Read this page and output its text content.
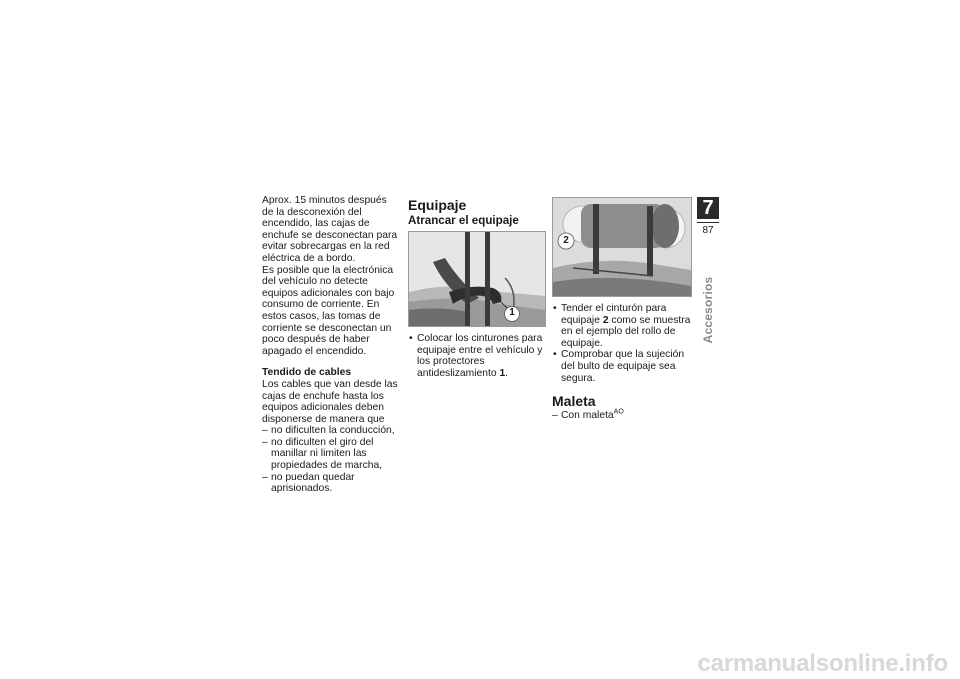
Aprox. 15 minutos después de la desconexión del encendido, las cajas de enchufe se desconectan para evitar sobrecargas en la red eléctrica de a bordo.

Es posible que la electrónica del vehículo no detecte equipos adicionales con bajo consumo de corriente. En estos casos, las tomas de corriente se desconectan un poco después de haber apagado el encendido.

Tendido de cables

Los cables que van desde las cajas de enchufe hasta los equipos adicionales deben disponerse de manera que

– no dificulten la conducción,
– no dificulten el giro del manillar ni limiten las propiedades de marcha,
– no puedan quedar aprisionados.

Equipaje

Atrancar el equipaje

1
• Colocar los cinturones para equipaje entre el vehículo y los protectores antideslizamiento 1.
2
• Tender el cinturón para equipaje 2 como se muestra en el ejemplo del rollo de equipaje.
• Comprobar que la sujeción del bulto de equipaje sea segura.

Maleta

– Con maleta$^{AO}$
7
87
Accesorios
carmanualsonline.info
